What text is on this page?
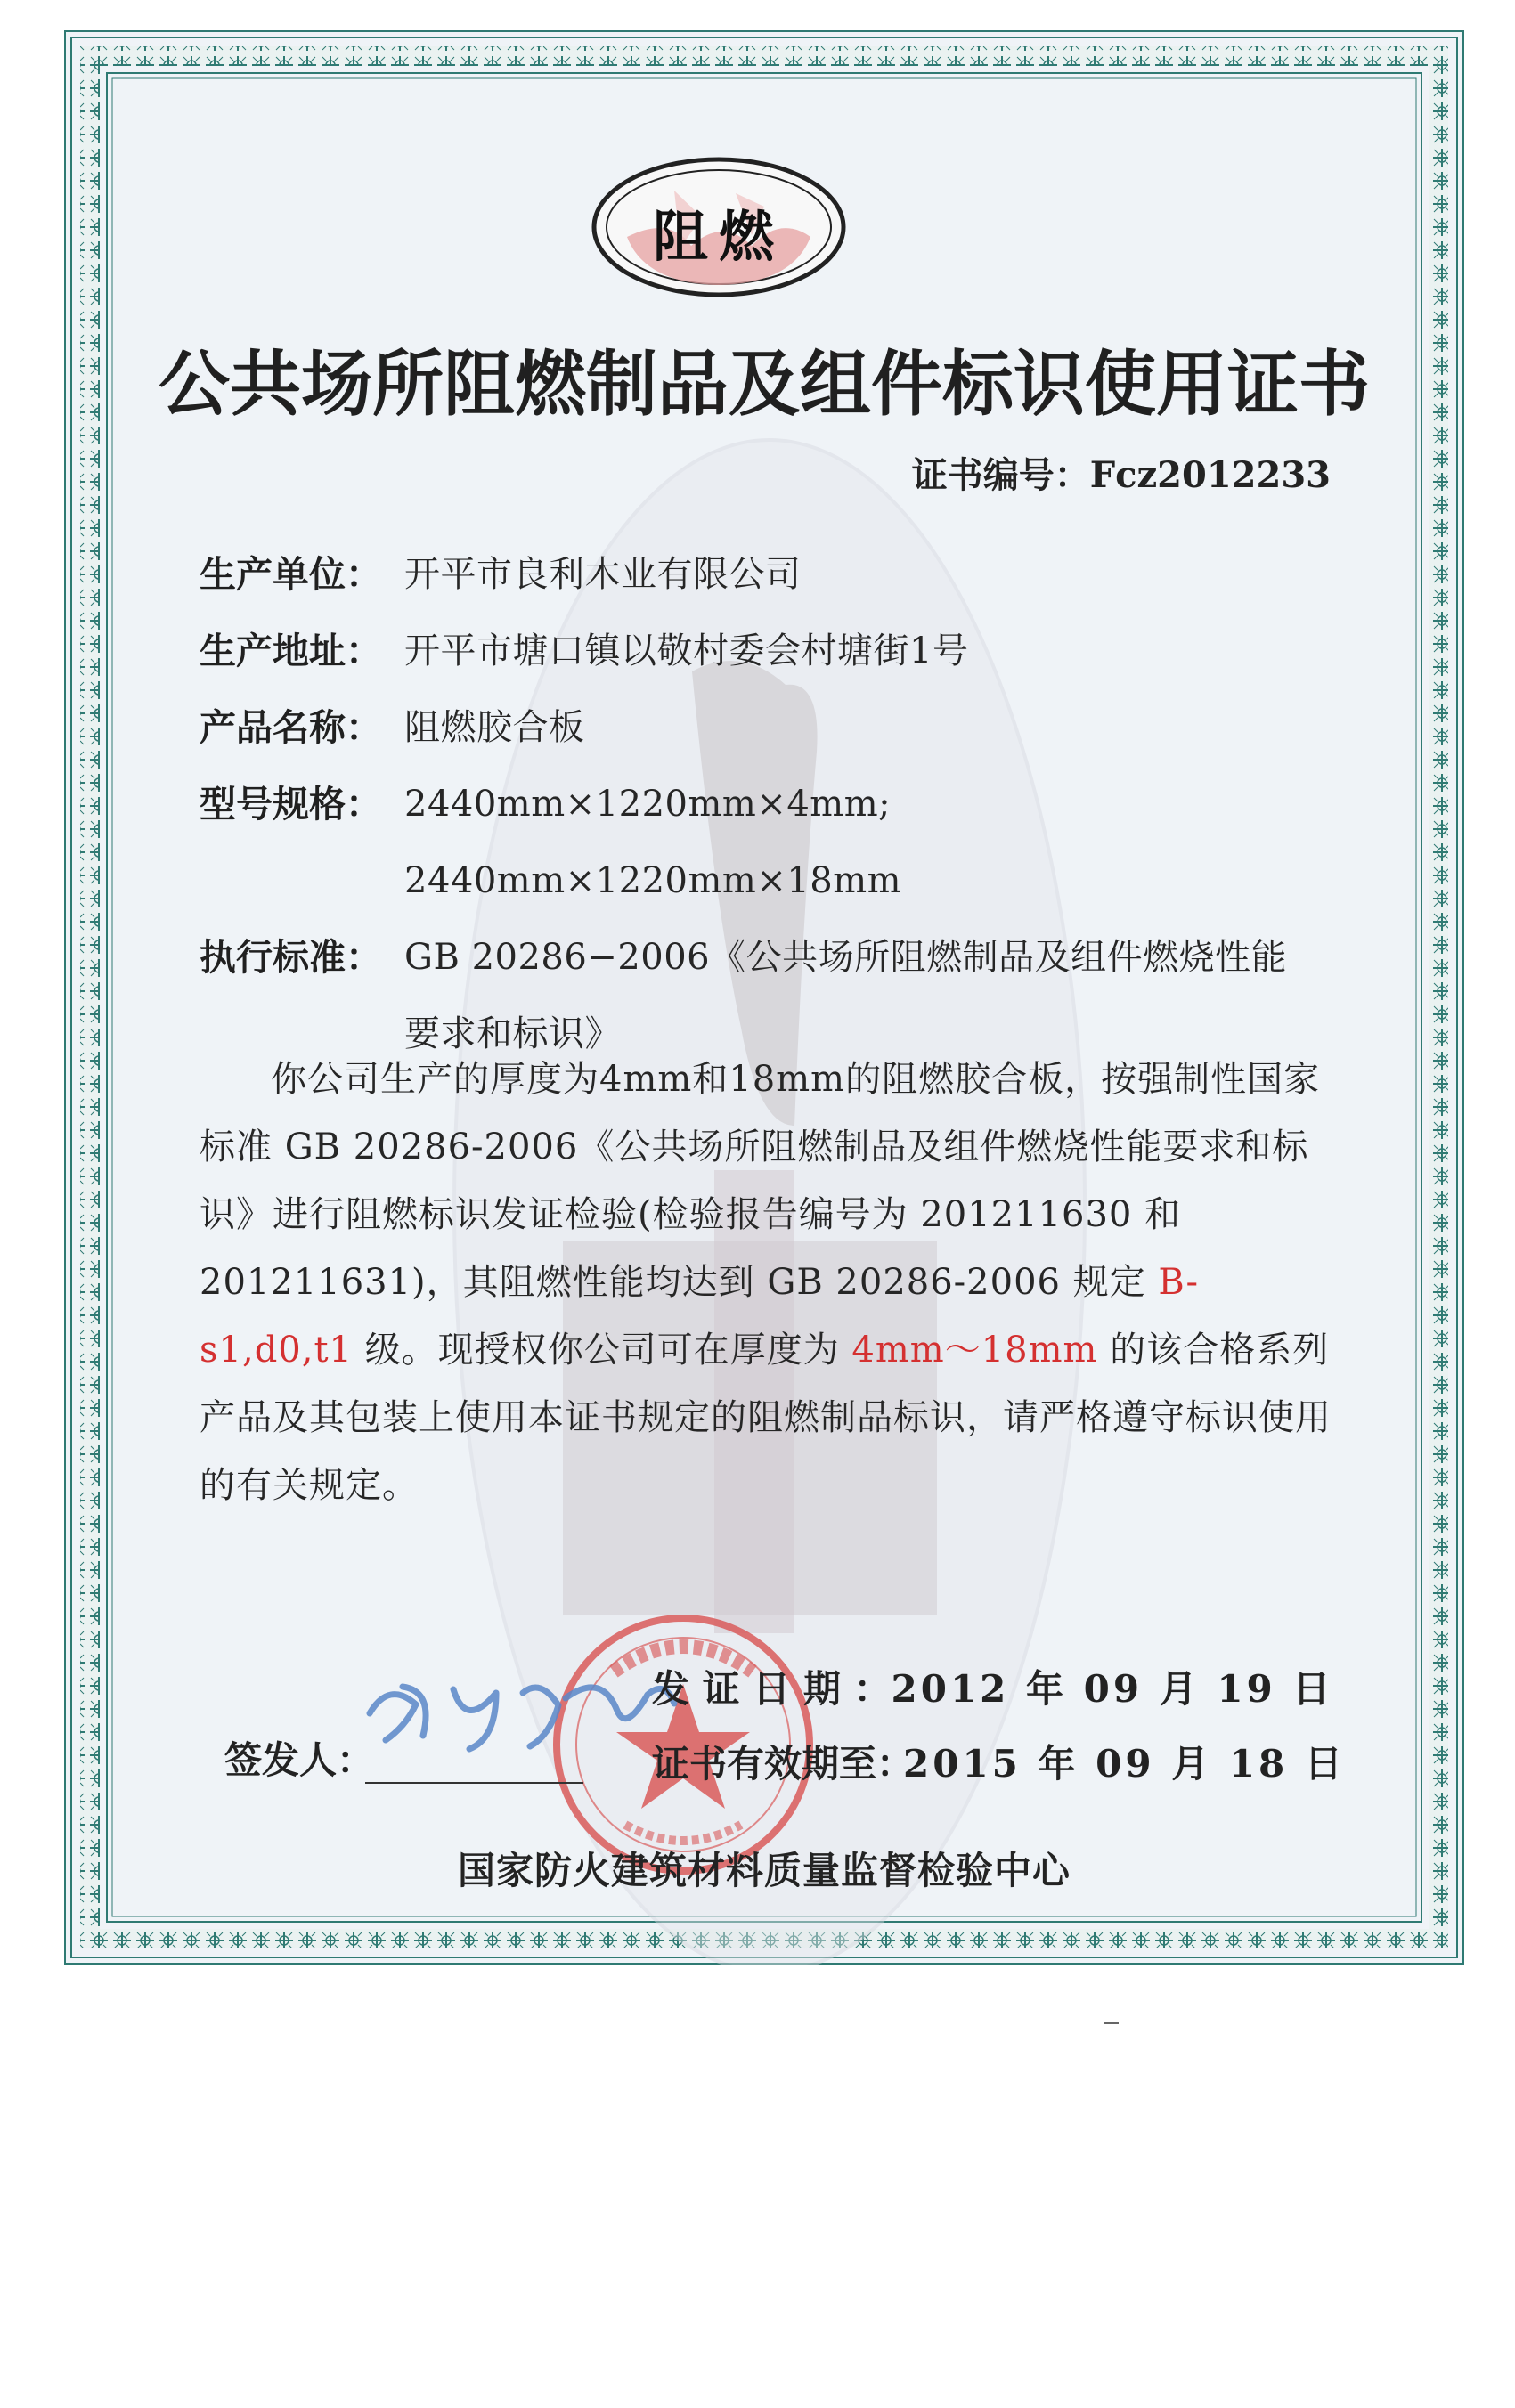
阻燃
公共场所阻燃制品及组件标识使用证书
证书编号：Fcz2012233
生产单位： 开平市良利木业有限公司
生产地址： 开平市塘口镇以敬村委会村塘街1号
产品名称： 阻燃胶合板
型号规格： 2440mm×1220mm×4mm; 2440mm×1220mm×18mm
执行标准： GB 20286−2006《公共场所阻燃制品及组件燃烧性能
要求和标识》
你公司生产的厚度为4mm和18mm的阻燃胶合板，按强制性国家标准 GB 20286-2006《公共场所阻燃制品及组件燃烧性能要求和标识》进行阻燃标识发证检验(检验报告编号为 201211630 和 201211631)，其阻燃性能均达到 GB 20286-2006 规定 B-s1,d0,t1 级。现授权你公司可在厚度为 4mm～18mm 的该合格系列产品及其包装上使用本证书规定的阻燃制品标识，请严格遵守标识使用的有关规定。
发 证 日 期 ： 2012 年 09 月 19 日
证书有效期至：
2015 年 09 月 18 日
签发人：
国家防火建筑材料质量监督检验中心
